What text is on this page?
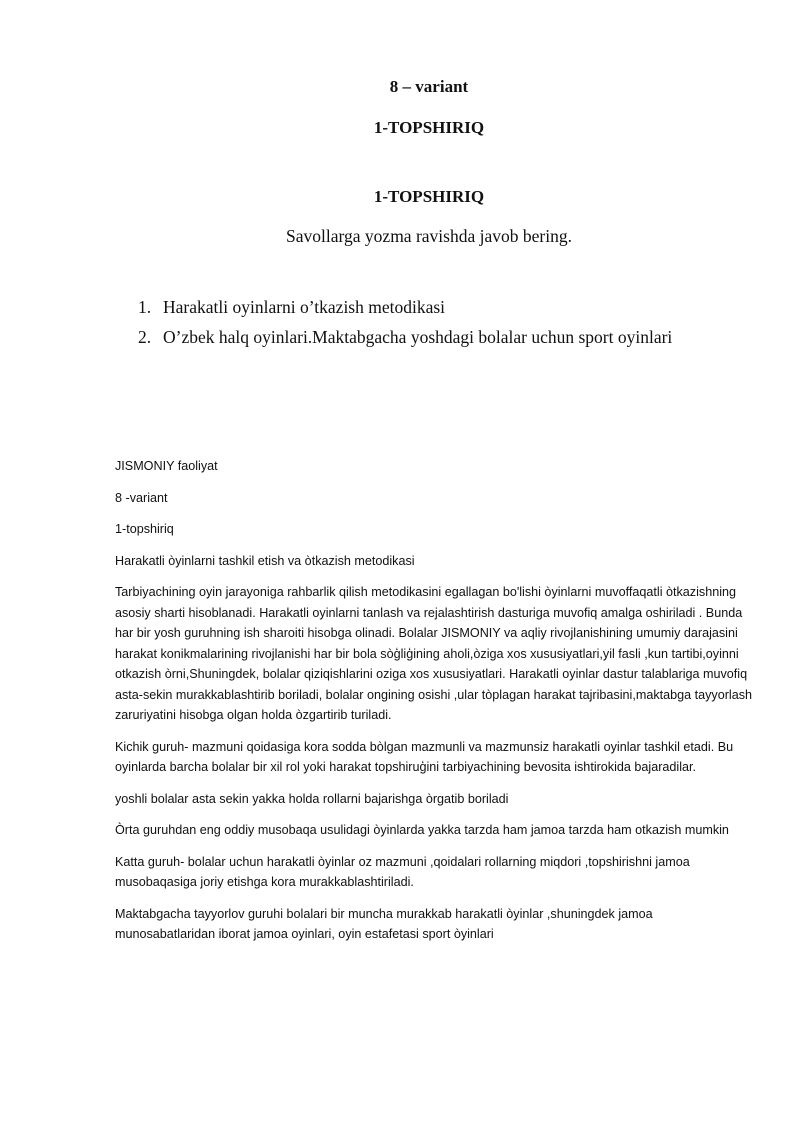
8 – variant
1-TOPSHIRIQ
1-TOPSHIRIQ
Savollarga yozma ravishda javob bering.
1. Harakatli oyinlarni o’tkazish metodikasi
2. O’zbek halq oyinlari.Maktabgacha yoshdagi bolalar uchun sport oyinlari

JISMONIY faoliyat

8 -variant

1-topshiriq

Harakatli òyinlarni tashkil etish va òtkazish metodikasi

Tarbiyachining oyin jarayoniga rahbarlik qilish metodikasini egallagan bo'lishi òyinlarni muvoffaqatli òtkazishning asosiy sharti hisoblanadi. Harakatli oyinlarni tanlash va rejalashtirish dasturiga muvofiq amalga oshiriladi . Bunda har bir yosh guruhning ish sharoiti hisobga olinadi. Bolalar JISMONIY va aqliy rivojlanishining umumiy darajasini harakat konikmalarining rivojlanishi har bir bola sòģliģining aholi,òziga xos xususiyatlari,yil fasli ,kun tartibi,oyinni otkazish òrni,Shuningdek, bolalar qiziqishlarini oziga xos xususiyatlari. Harakatli oyinlar dastur talablariga muvofiq asta-sekin murakkablashtirib boriladi, bolalar ongining osishi ,ular tòplagan harakat tajribasini,maktabga tayyorlash zaruriyatini hisobga olgan holda òzgartirib turiladi.

Kichik guruh- mazmuni qoidasiga kora sodda bòlgan mazmunli va mazmunsiz harakatli oyinlar tashkil etadi. Bu oyinlarda barcha bolalar bir xil rol yoki harakat topshiruģini tarbiyachining bevosita ishtirokida bajaradilar.

yoshli bolalar asta sekin yakka holda rollarni bajarishga òrgatib boriladi

Òrta guruhdan eng oddiy musobaqa usulidagi òyinlarda yakka tarzda ham jamoa tarzda ham otkazish mumkin

Katta guruh- bolalar uchun harakatli òyinlar oz mazmuni ,qoidalari rollarning miqdori ,topshirishni jamoa musobaqasiga joriy etishga kora murakkablashtiriladi.

Maktabgacha tayyorlov guruhi bolalari bir muncha murakkab harakatli òyinlar ,shuningdek jamoa munosabatlaridan iborat jamoa oyinlari, oyin estafetasi sport òyinlari
